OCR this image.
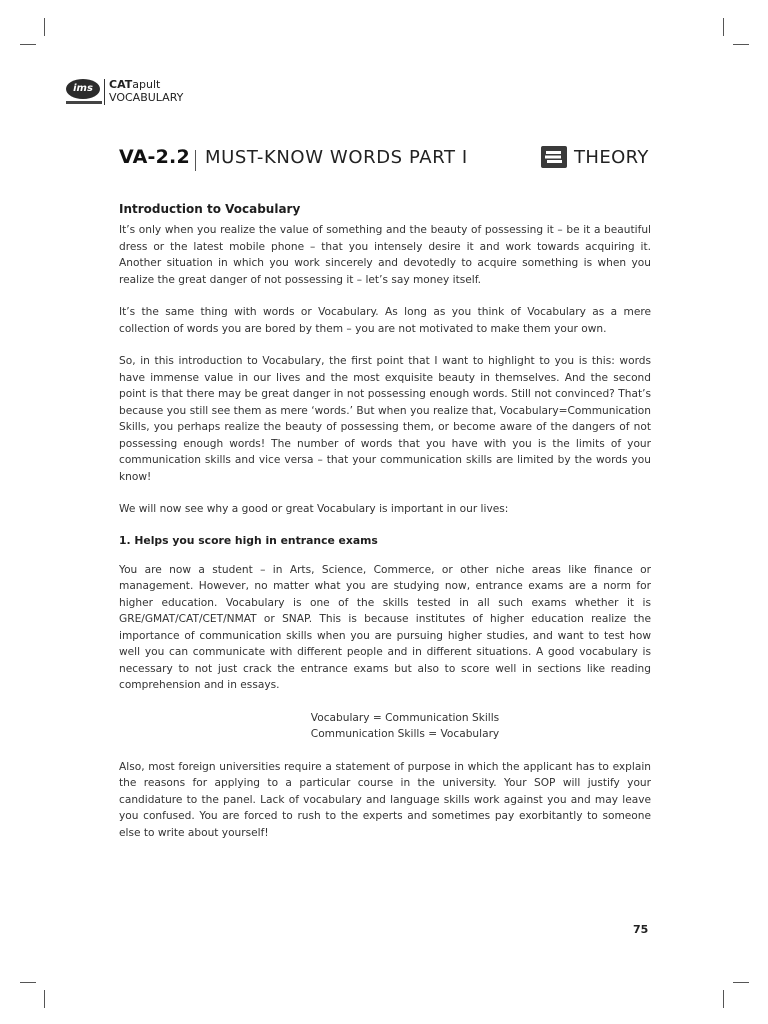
ims	CATapult
VOCABULARY
VA-2.2 MUST-KNOW WORDS PART I	THEORY
Introduction to Vocabulary

It’s only when you realize the value of something and the beauty of possessing it – be it a beautiful dress or the latest mobile phone – that you intensely desire it and work towards acquiring it. Another situation in which you work sincerely and devotedly to acquire something is when you realize the great danger of not possessing it – let’s say money itself.

It’s the same thing with words or Vocabulary. As long as you think of Vocabulary as a mere collection of words you are bored by them – you are not motivated to make them your own.

So, in this introduction to Vocabulary, the first point that I want to highlight to you is this: words have immense value in our lives and the most exquisite beauty in themselves. And the second point is that there may be great danger in not possessing enough words. Still not convinced? That’s because you still see them as mere ‘words.’ But when you realize that, Vocabulary=Communication Skills, you perhaps realize the beauty of possessing them, or become aware of the dangers of not possessing enough words! The number of words that you have with you is the limits of your communication skills and vice versa – that your communication skills are limited by the words you know!

We will now see why a good or great Vocabulary is important in our lives:

1. Helps you score high in entrance exams

You are now a student – in Arts, Science, Commerce, or other niche areas like finance or management. However, no matter what you are studying now, entrance exams are a norm for higher education. Vocabulary is one of the skills tested in all such exams whether it is GRE/GMAT/CAT/CET/NMAT or SNAP. This is because institutes of higher education realize the importance of communication skills when you are pursuing higher studies, and want to test how well you can communicate with different people and in different situations. A good vocabulary is necessary to not just crack the entrance exams but also to score well in sections like reading comprehension and in essays.

Vocabulary = Communication Skills
Communication Skills = Vocabulary

Also, most foreign universities require a statement of purpose in which the applicant has to explain the reasons for applying to a particular course in the university. Your SOP will justify your candidature to the panel. Lack of vocabulary and language skills work against you and may leave you confused. You are forced to rush to the experts and sometimes pay exorbitantly to someone else to write about yourself!

75
